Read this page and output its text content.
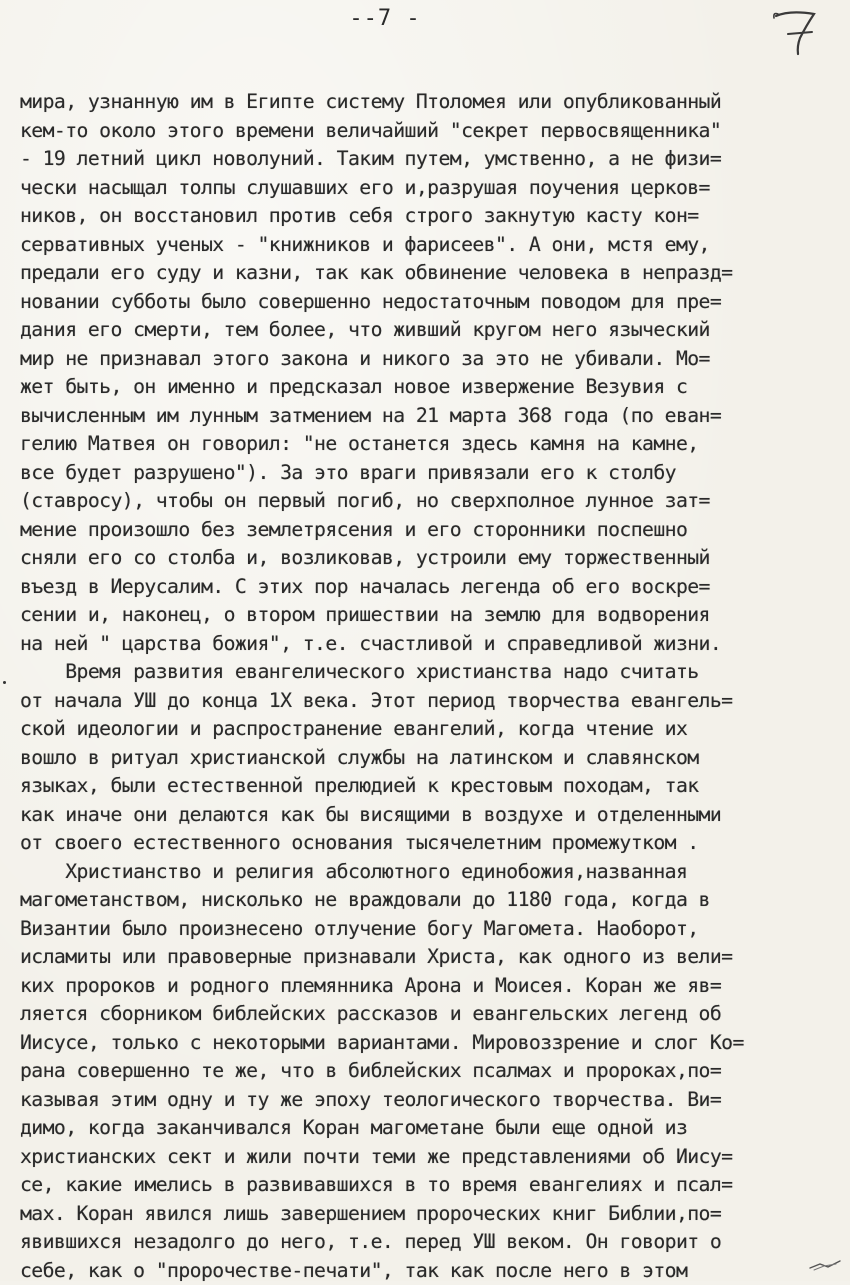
--7 -
мира, узнанную им в Египте систему Птоломея или опубликованный
кем-то около этого времени величайший "секрет первосвященника"
- 19 летний цикл новолуний. Таким путем, умственно, а не физи=
чески насыщал толпы слушавших его и,разрушая поучения церков=
ников, он восстановил против себя строго закнутую касту кон=
сервативных ученых - "книжников и фарисеев". А они, мстя ему,
предали его суду и казни, так как обвинение человека в непразд=
новании субботы было совершенно недостаточным поводом для пре=
дания его смерти, тем более, что живший кругом него языческий
мир не признавал этого закона и никого за это не убивали. Мо=
жет быть, он именно и предсказал новое извержение Везувия с
вычисленным им лунным затмением на 21 марта 368 года (по еван=
гелию Матвея он говорил: "не останется здесь камня на камне,
все будет разрушено"). За это враги привязали его к столбу
(ставросу), чтобы он первый погиб, но сверхполное лунное зат=
мение произошло без землетрясения и его сторонники поспешно
сняли его со столба и, возликовав, устроили ему торжественный
въезд в Иерусалим. С этих пор началась легенда об его воскре=
сении и, наконец, о втором пришествии на землю для водворения
на ней " царства божия", т.е. счастливой и справедливой жизни.
Время развития евангелического христианства надо считать
от начала УШ до конца 1Х века. Этот период творчества евангель=
ской идеологии и распространение евангелий, когда чтение их
вошло в ритуал христианской службы на латинском и славянском
языках, были естественной прелюдией к крестовым походам, так
как иначе они делаются как бы висящими в воздухе и отделенными
от своего естественного основания тысячелетним промежутком .
Христианство и религия абсолютного единобожия,названная
магометанством, нисколько не враждовали до 1180 года, когда в
Византии было произнесено отлучение богу Магомета. Наоборот,
исламиты или правоверные признавали Христа, как одного из вели=
ких пророков и родного племянника Арона и Моисея. Коран же яв=
ляется сборником библейских рассказов и евангельских легенд об
Иисусе, только с некоторыми вариантами. Мировоззрение и слог Ко=
рана совершенно те же, что в библейских псалмах и пророках,по=
казывая этим одну и ту же эпоху теологического творчества. Ви=
димо, когда заканчивался Коран магометане были еще одной из
христианских сект и жили почти теми же представлениями об Иису=
се, какие имелись в развивавшихся в то время евангелиях и псал=
мах. Коран явился лишь завершением пророческих книг Библии,по=
явившихся незадолго до него, т.е. перед УШ веком. Он говорит о
себе, как о "пророчестве-печати", так как после него в этом
